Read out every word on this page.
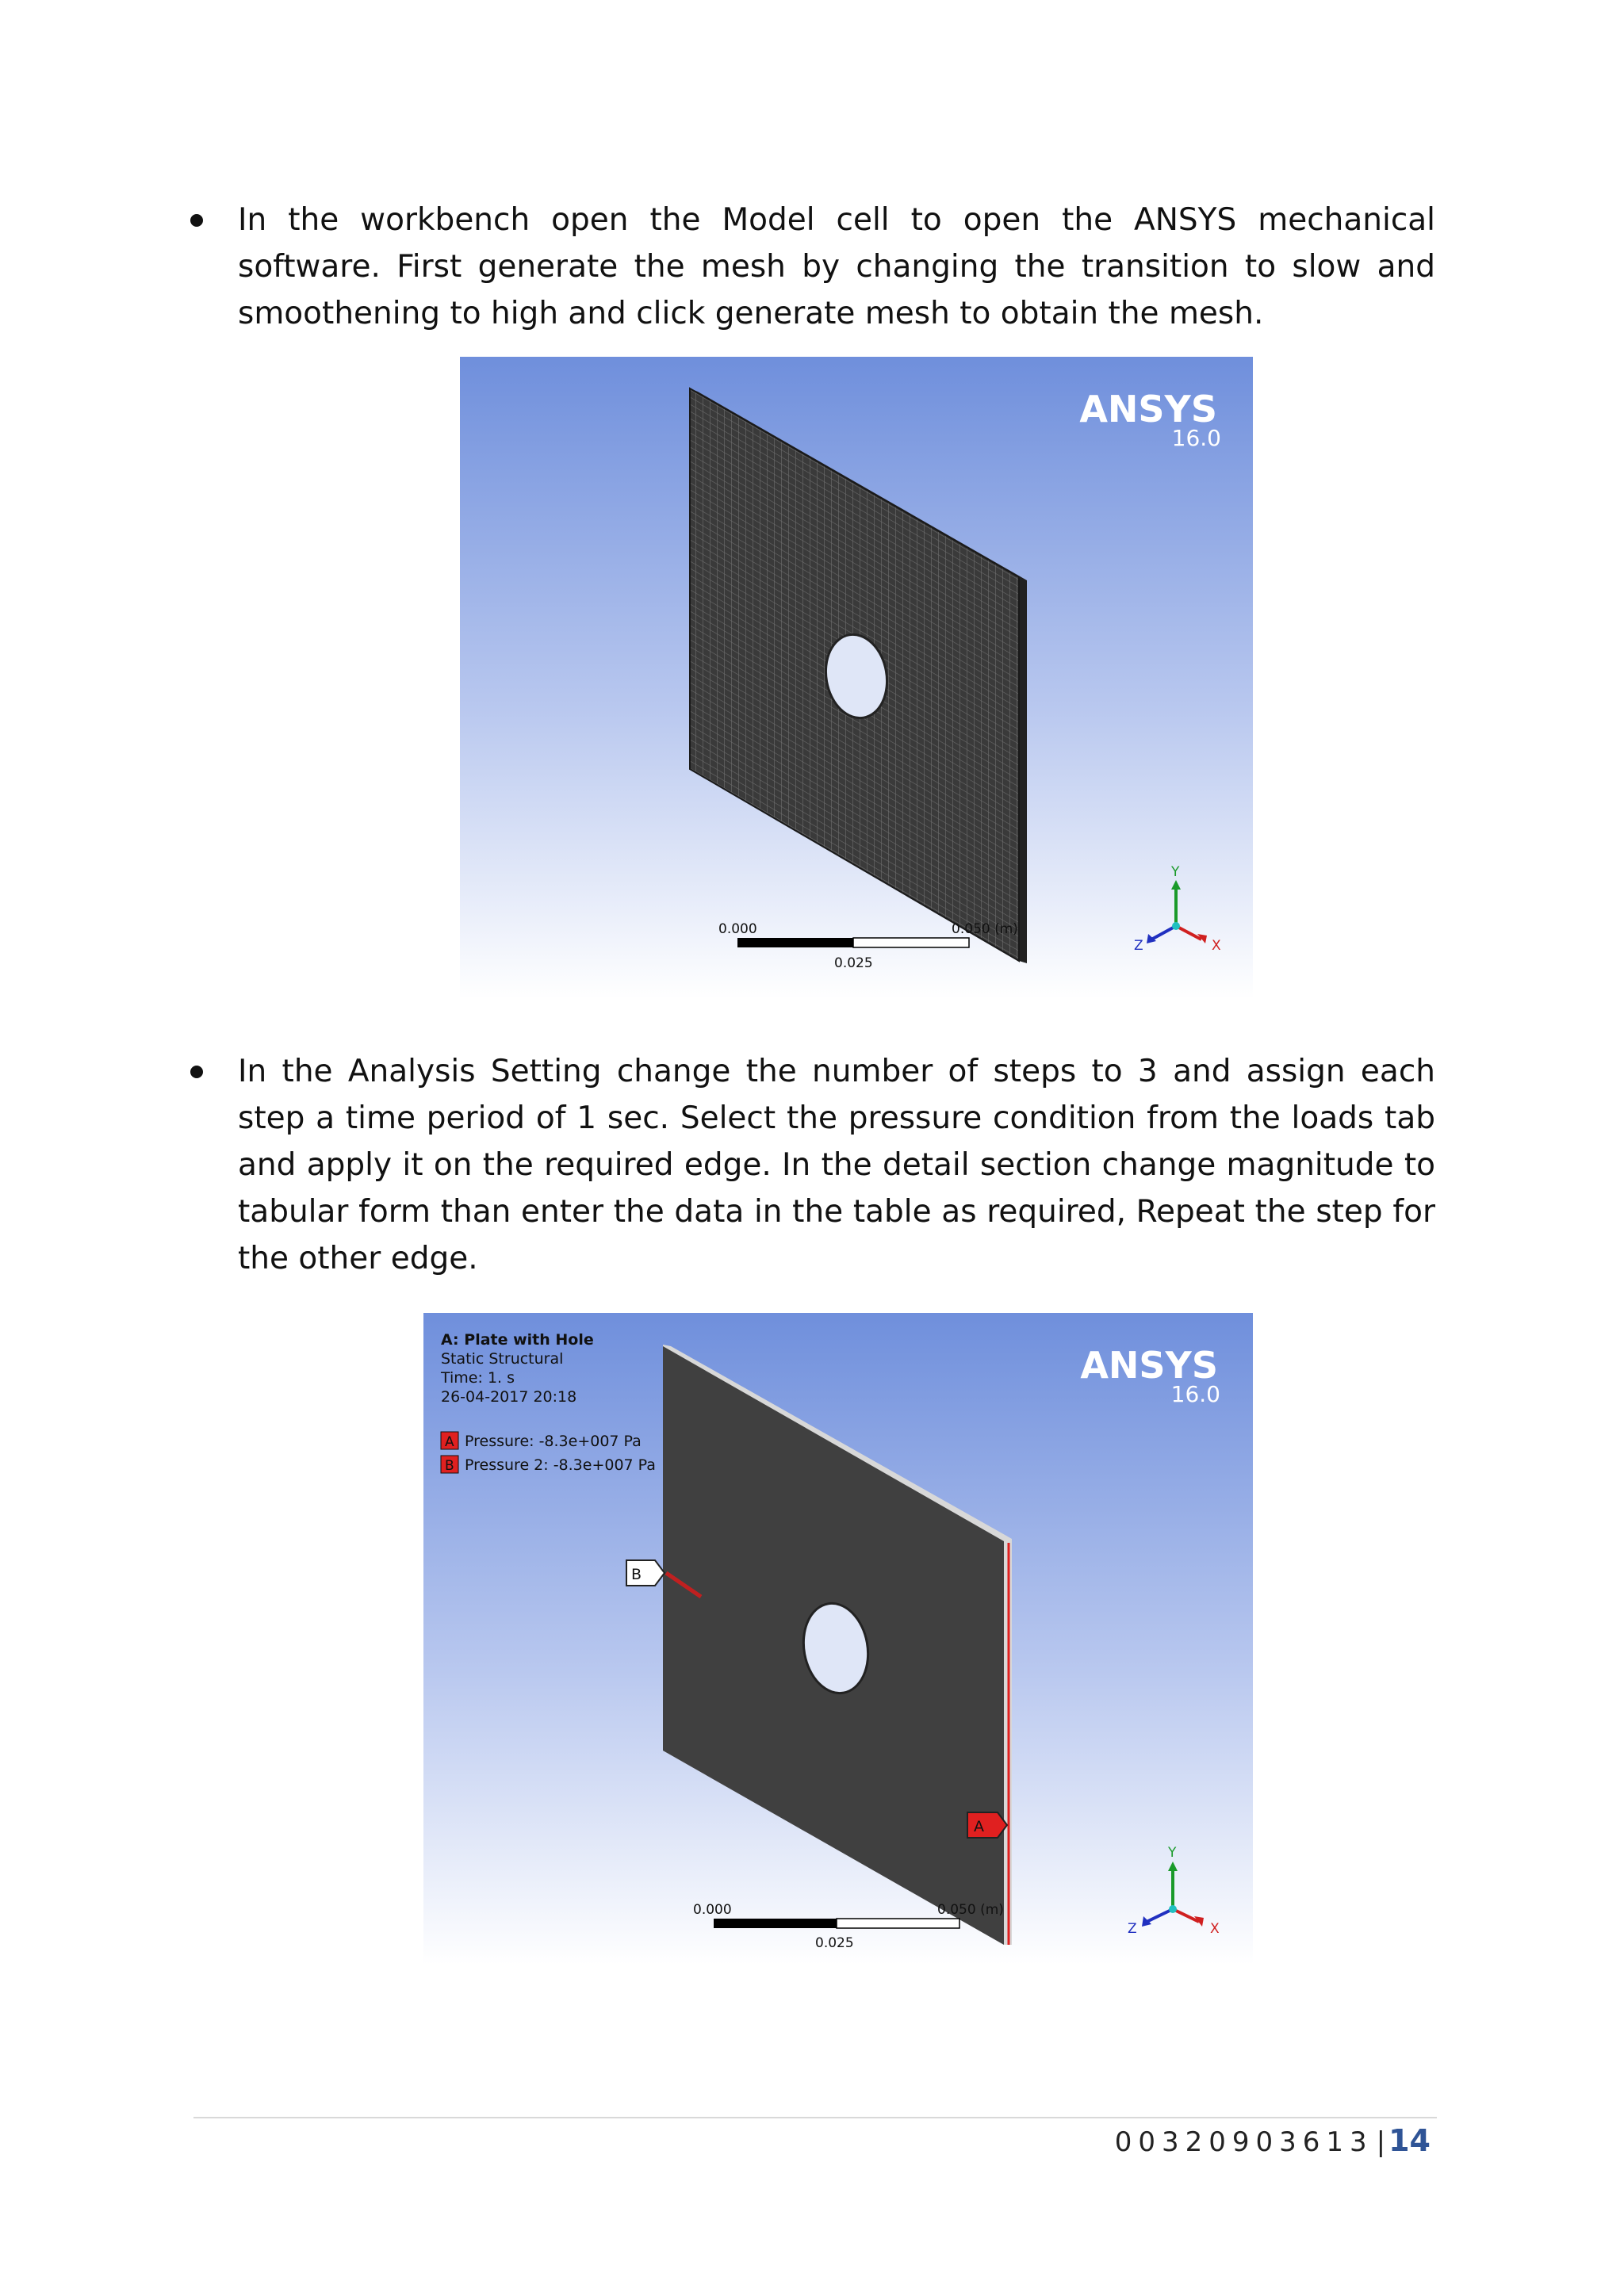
In the workbench open the Model cell to open the ANSYS mechanical software. First generate the mesh by changing the transition to slow and smoothening to high and click generate mesh to obtain the mesh.

ANSYS
16.0
0.000	0.050 (m)
0.025
Y
X
Z

In the Analysis Setting change the number of steps to 3 and assign each step a time period of 1 sec. Select the pressure condition from the loads tab and apply it on the required edge. In the detail section change magnitude to tabular form than enter the data in the table as required, Repeat the step for the other edge.

ANSYS
16.0
A: Plate with Hole
Static Structural
Time: 1. s
26-04-2017 20:18
A Pressure: -8.3e+007 Pa
B Pressure 2: -8.3e+007 Pa
B
A
0.000	0.050 (m)
0.025
Y
X
Z
00320903613 | 14
